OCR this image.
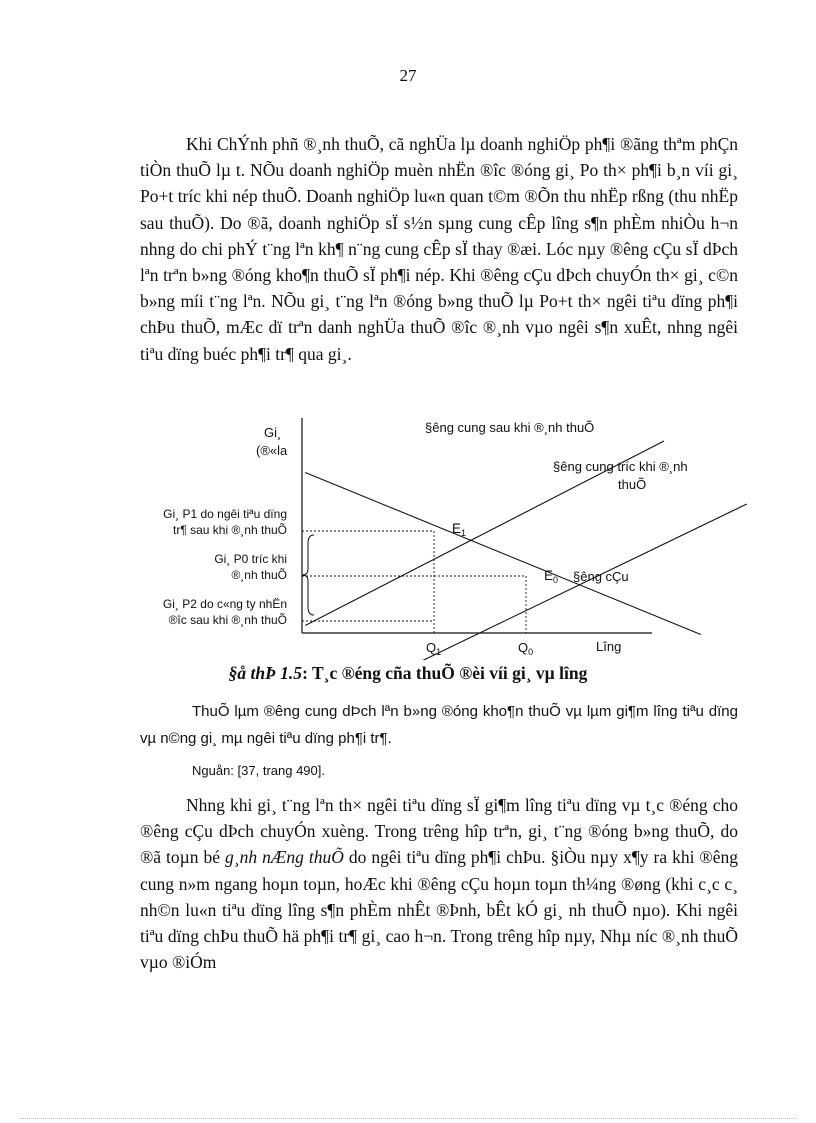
27

Khi ChÝnh phñ ®¸nh thuÕ, cã nghÜa lµ doanh nghiÖp ph¶i ®ãng thªm phÇn tiÒn thuÕ lµ t. NÕu doanh nghiÖp muèn nhËn ®îc ®óng gi¸ Po th× ph¶i b¸n víi gi¸ Po+t tríc khi nép thuÕ. Doanh nghiÖp lu«n quan t©m ®Õn thu nhËp rßng (thu nhËp sau thuÕ). Do ®ã, doanh nghiÖp sÏ s½n sµng cung cÊp lîng s¶n phÈm nhiÒu h¬n nhng do chi phÝ t¨ng lªn kh¶ n¨ng cung cÊp sÏ thay ®æi. Lóc nµy ®êng cÇu sÏ dÞch lªn trªn b»ng ®óng kho¶n thuÕ sÏ ph¶i nép. Khi ®êng cÇu dÞch chuyÓn th× gi¸ c©n b»ng míi t¨ng lªn. NÕu gi¸ t¨ng lªn ®óng b»ng thuÕ lµ Po+t th× ngêi tiªu dïng ph¶i chÞu thuÕ, mÆc dï trªn danh nghÜa thuÕ ®îc ®¸nh vµo ngêi s¶n xuÊt, nhng ngêi tiªu dïng buéc ph¶i tr¶ qua gi¸.

Gi¸
(®«la
Lîng
§êng cung sau khi ®¸nh thuÕ
§êng cung tríc khi ®¸nh
thuÕ
§êng cÇu
$E_1$
$E_0$
$Q_1$	$Q_0$
Gi¸ P1 do ngêi tiªu dïng
tr¶ sau khi ®¸nh thuÕ
Gi¸ P0 tríc khi
®¸nh thuÕ
Gi¸ P2 do c«ng ty nhËn
®îc sau khi ®¸nh thuÕ
§å thÞ 1.5: T¸c ®éng cña thuÕ ®èi víi gi¸ vµ lîng

ThuÕ lµm ®êng cung dÞch lªn b»ng ®óng kho¶n thuÕ vµ lµm gi¶m lîng tiªu dïng vµ n©ng gi¸ mµ ngêi tiªu dïng ph¶i tr¶.

Nguån: [37, trang 490].

Nhng khi gi¸ t¨ng lªn th× ngêi tiªu dïng sÏ gi¶m lîng tiªu dïng vµ t¸c ®éng cho ®êng cÇu dÞch chuyÓn xuèng. Trong trêng hîp trªn, gi¸ t¨ng ®óng b»ng thuÕ, do ®ã toµn bé g¸nh nÆng thuÕ do ngêi tiªu dïng ph¶i chÞu. §iÒu nµy x¶y ra khi ®êng cung n»m ngang hoµn toµn, hoÆc khi ®êng cÇu hoµn toµn th¼ng ®øng (khi c¸c c¸ nh©n lu«n tiªu dïng lîng s¶n phÈm nhÊt ®Þnh, bÊt kÓ gi¸ nh thuÕ nµo). Khi ngêi tiªu dïng chÞu thuÕ hä ph¶i tr¶ gi¸ cao h¬n. Trong trêng hîp nµy, Nhµ níc ®¸nh thuÕ vµo ®iÓm
